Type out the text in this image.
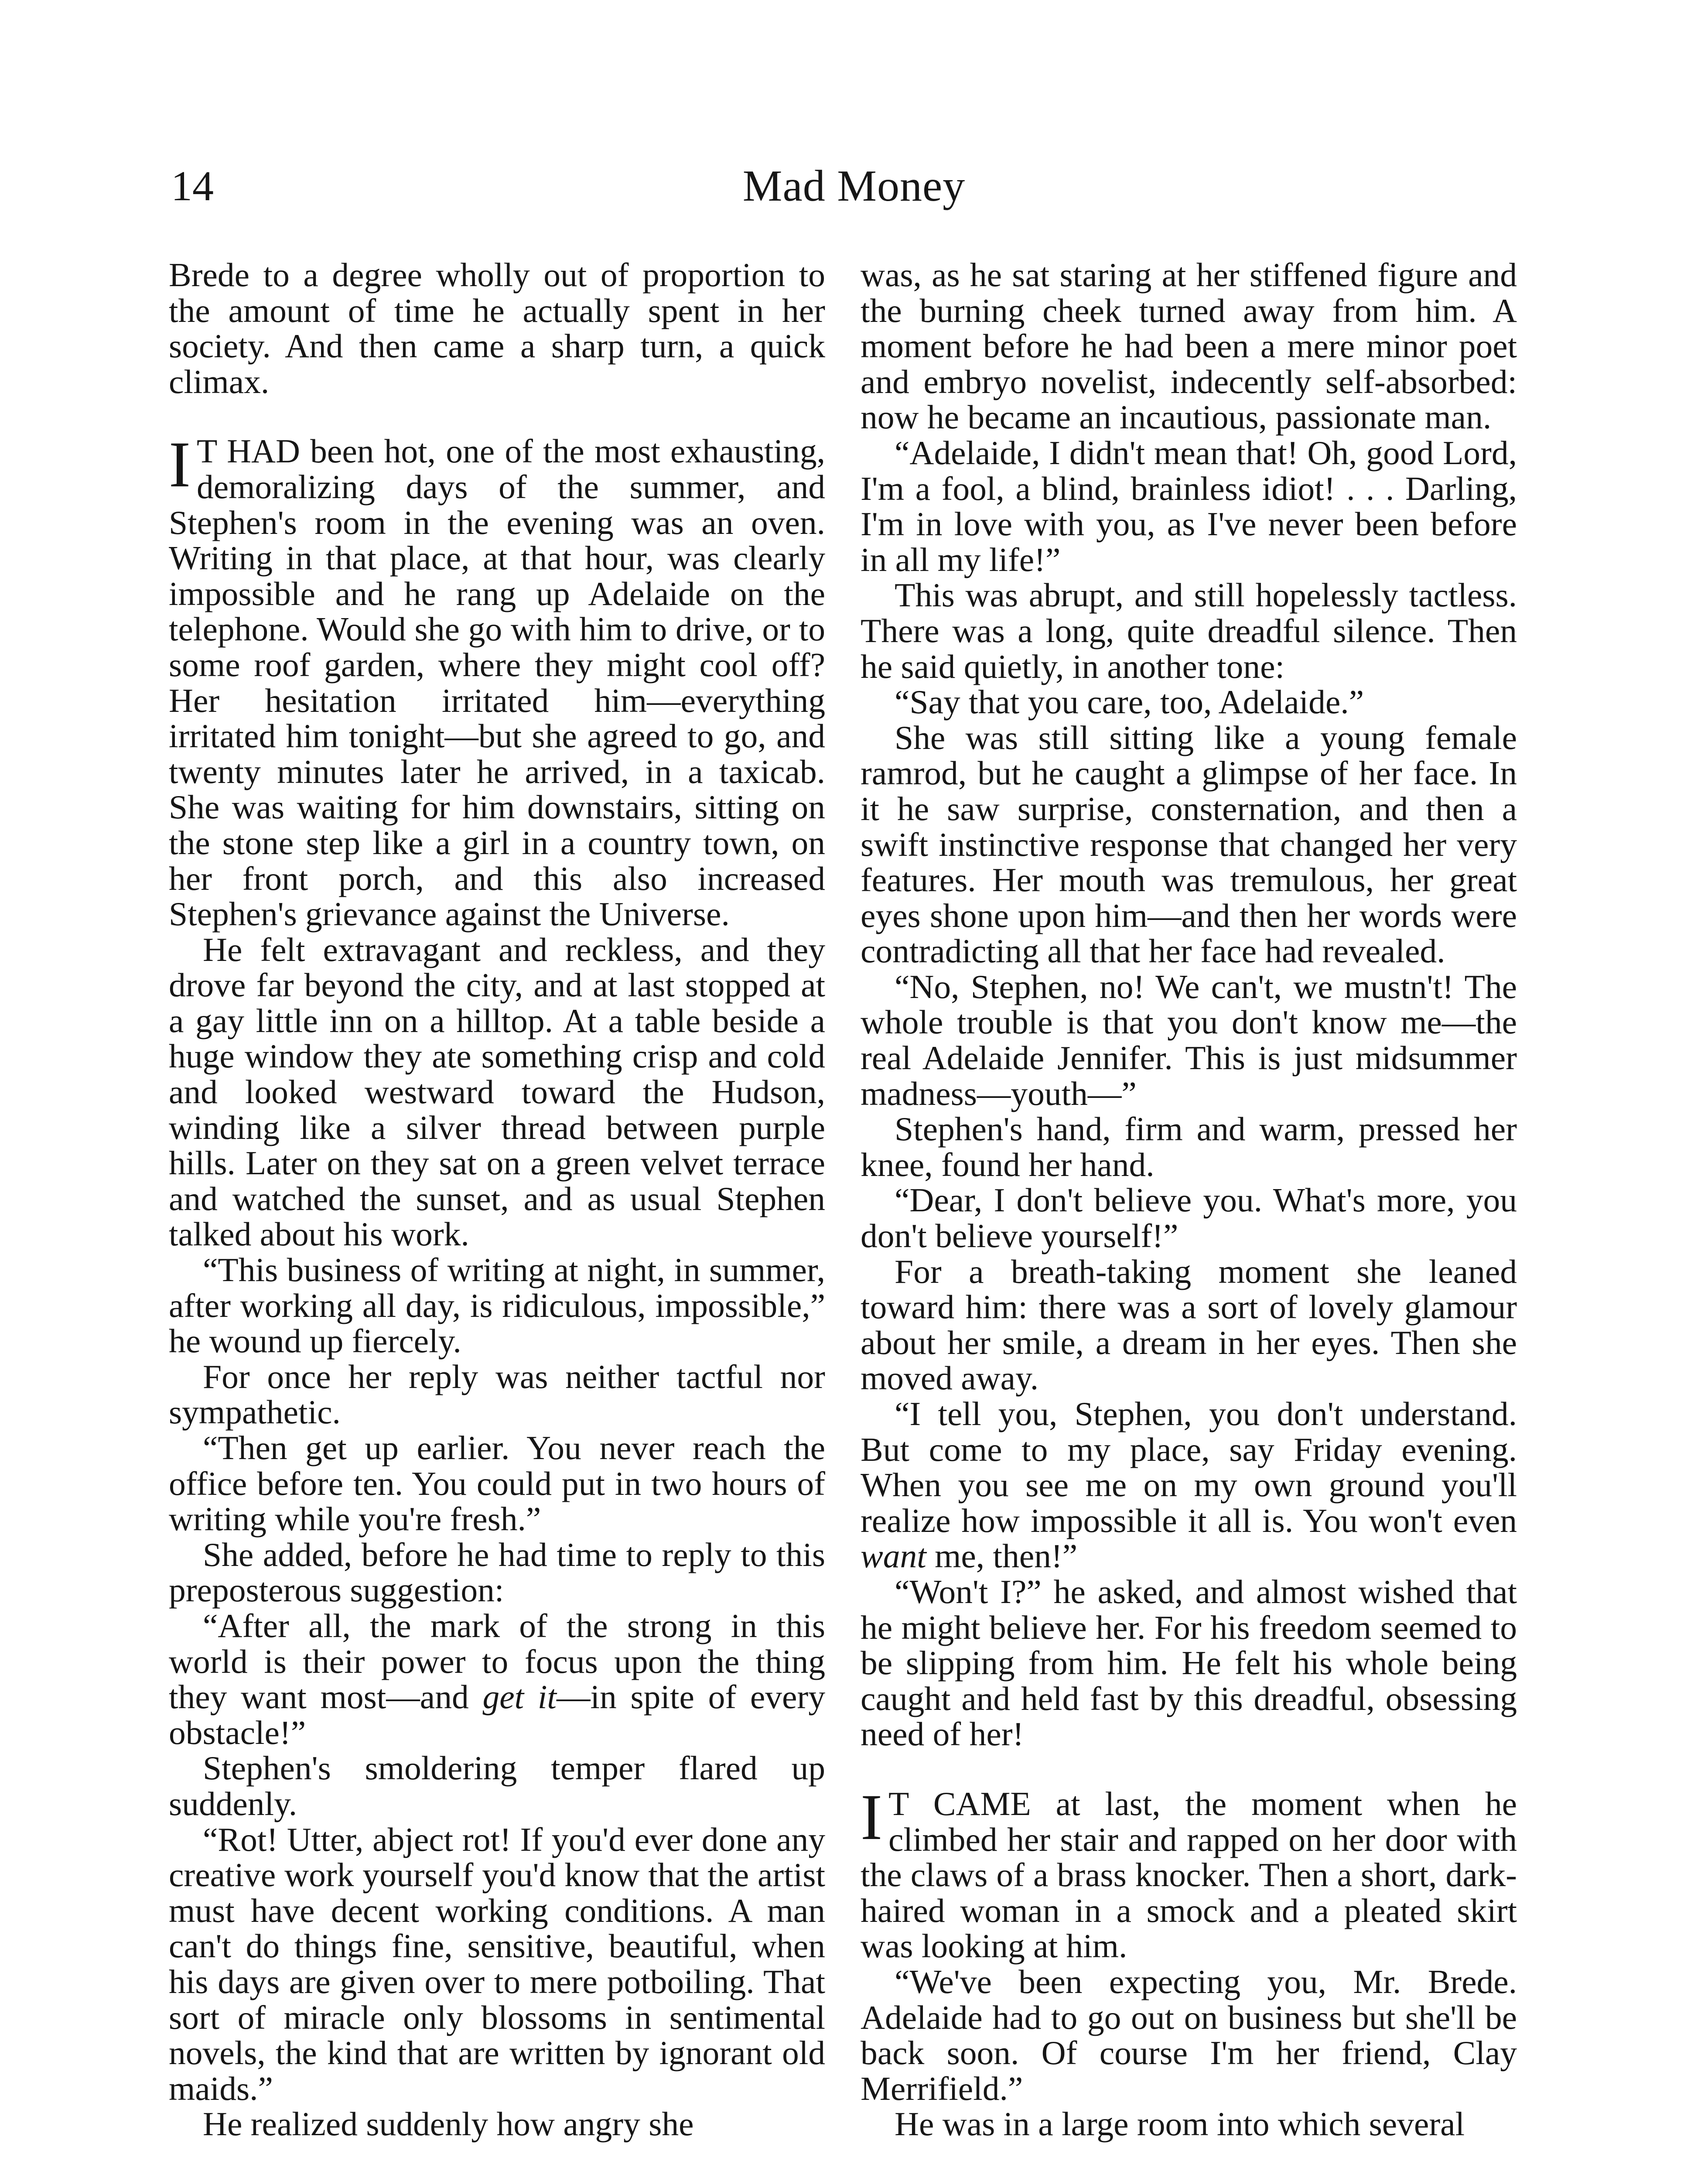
14	Mad Money

Brede to a degree wholly out of proportion to the amount of time he actually spent in her society. And then came a sharp turn, a quick climax.

I T HAD been hot, one of the most exhausting, demoralizing days of the summer, and Stephen's room in the evening was an oven. Writing in that place, at that hour, was clearly impossible and he rang up Adelaide on the telephone. Would she go with him to drive, or to some roof garden, where they might cool off? Her hesitation irritated him—everything irritated him tonight—but she agreed to go, and twenty minutes later he arrived, in a taxicab. She was waiting for him downstairs, sitting on the stone step like a girl in a country town, on her front porch, and this also increased Stephen's grievance against the Universe.

He felt extravagant and reckless, and they drove far beyond the city, and at last stopped at a gay little inn on a hilltop. At a table beside a huge window they ate something crisp and cold and looked westward toward the Hudson, winding like a silver thread between purple hills. Later on they sat on a green velvet terrace and watched the sunset, and as usual Stephen talked about his work.

“This business of writing at night, in summer, after working all day, is ridiculous, impossible,” he wound up fiercely.

For once her reply was neither tactful nor sympathetic.

“Then get up earlier. You never reach the office before ten. You could put in two hours of writing while you're fresh.”

She added, before he had time to reply to this preposterous suggestion:

“After all, the mark of the strong in this world is their power to focus upon the thing they want most—and get it—in spite of every obstacle!”

Stephen's smoldering temper flared up suddenly.

“Rot! Utter, abject rot! If you'd ever done any creative work yourself you'd know that the artist must have decent working conditions. A man can't do things fine, sensitive, beautiful, when his days are given over to mere potboiling. That sort of miracle only blossoms in sentimental novels, the kind that are written by ignorant old maids.”

He realized suddenly how angry she

was, as he sat staring at her stiffened figure and the burning cheek turned away from him. A moment before he had been a mere minor poet and embryo novelist, indecently self-absorbed: now he became an incautious, passionate man.

“Adelaide, I didn't mean that! Oh, good Lord, I'm a fool, a blind, brainless idiot! . . . Darling, I'm in love with you, as I've never been before in all my life!”

This was abrupt, and still hopelessly tactless. There was a long, quite dreadful silence. Then he said quietly, in another tone:

“Say that you care, too, Adelaide.”

She was still sitting like a young female ramrod, but he caught a glimpse of her face. In it he saw surprise, consternation, and then a swift instinctive response that changed her very features. Her mouth was tremulous, her great eyes shone upon him—and then her words were contradicting all that her face had revealed.

“No, Stephen, no! We can't, we mustn't! The whole trouble is that you don't know me—the real Adelaide Jennifer. This is just midsummer madness—youth—”

Stephen's hand, firm and warm, pressed her knee, found her hand.

“Dear, I don't believe you. What's more, you don't believe yourself!”

For a breath-taking moment she leaned toward him: there was a sort of lovely glamour about her smile, a dream in her eyes. Then she moved away.

“I tell you, Stephen, you don't understand. But come to my place, say Friday evening. When you see me on my own ground you'll realize how impossible it all is. You won't even want me, then!”

“Won't I?” he asked, and almost wished that he might believe her. For his freedom seemed to be slipping from him. He felt his whole being caught and held fast by this dreadful, obsessing need of her!

I T CAME at last, the moment when he climbed her stair and rapped on her door with the claws of a brass knocker. Then a short, dark-haired woman in a smock and a pleated skirt was looking at him.

“We've been expecting you, Mr. Brede. Adelaide had to go out on business but she'll be back soon. Of course I'm her friend, Clay Merrifield.”

He was in a large room into which several
